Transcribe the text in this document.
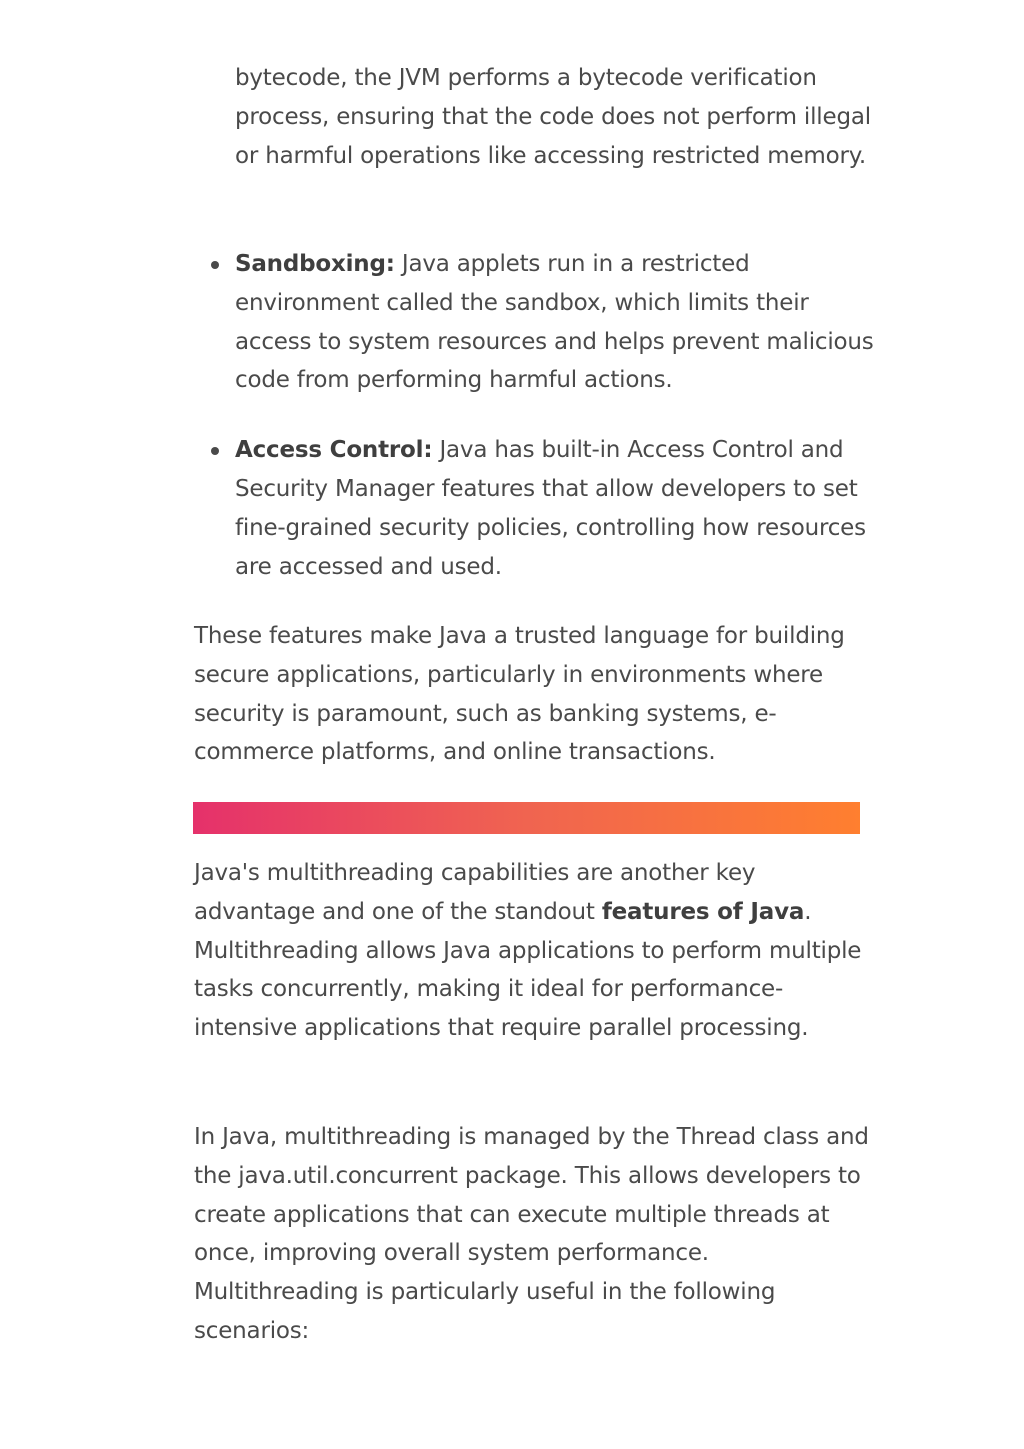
bytecode, the JVM performs a bytecode verification process, ensuring that the code does not perform illegal or harmful operations like accessing restricted memory.

Sandboxing: Java applets run in a restricted environment called the sandbox, which limits their access to system resources and helps prevent malicious code from performing harmful actions.
Access Control: Java has built-in Access Control and Security Manager features that allow developers to set fine-grained security policies, controlling how resources are accessed and used.

These features make Java a trusted language for building secure applications, particularly in environments where security is paramount, such as banking systems, e-commerce platforms, and online transactions.

Java's multithreading capabilities are another key advantage and one of the standout features of Java. Multithreading allows Java applications to perform multiple tasks concurrently, making it ideal for performance-intensive applications that require parallel processing.

In Java, multithreading is managed by the Thread class and the java.util.concurrent package. This allows developers to create applications that can execute multiple threads at once, improving overall system performance. Multithreading is particularly useful in the following scenarios:
